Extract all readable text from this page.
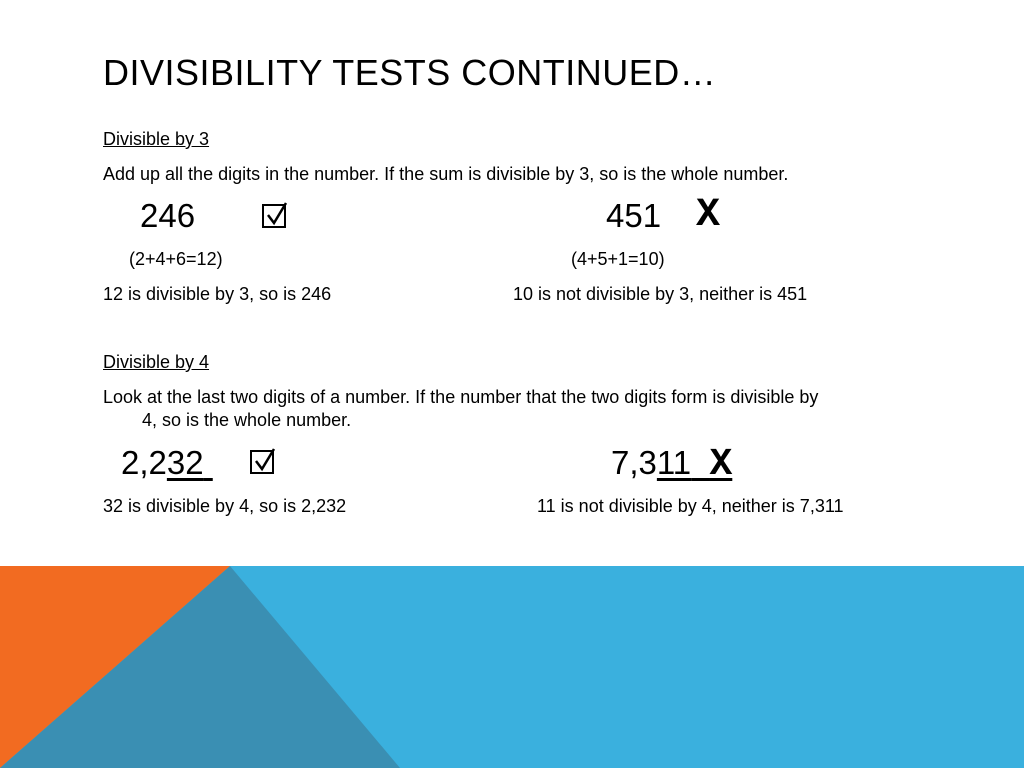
DIVISIBILITY TESTS CONTINUED…
Divisible by 3
Add up all the digits in the number. If the sum is divisible by 3, so is the whole number.
246	451 X
(2+4+6=12)	(4+5+1=10)
12 is divisible by 3, so is 246	10 is not divisible by 3, neither is 451
Divisible by 4
Look at the last two digits of a number. If the number that the two digits form is divisible by
4, so is the whole number.
2,232	7,311 X
32 is divisible by 4, so is 2,232	11 is not divisible by 4, neither is 7,311
